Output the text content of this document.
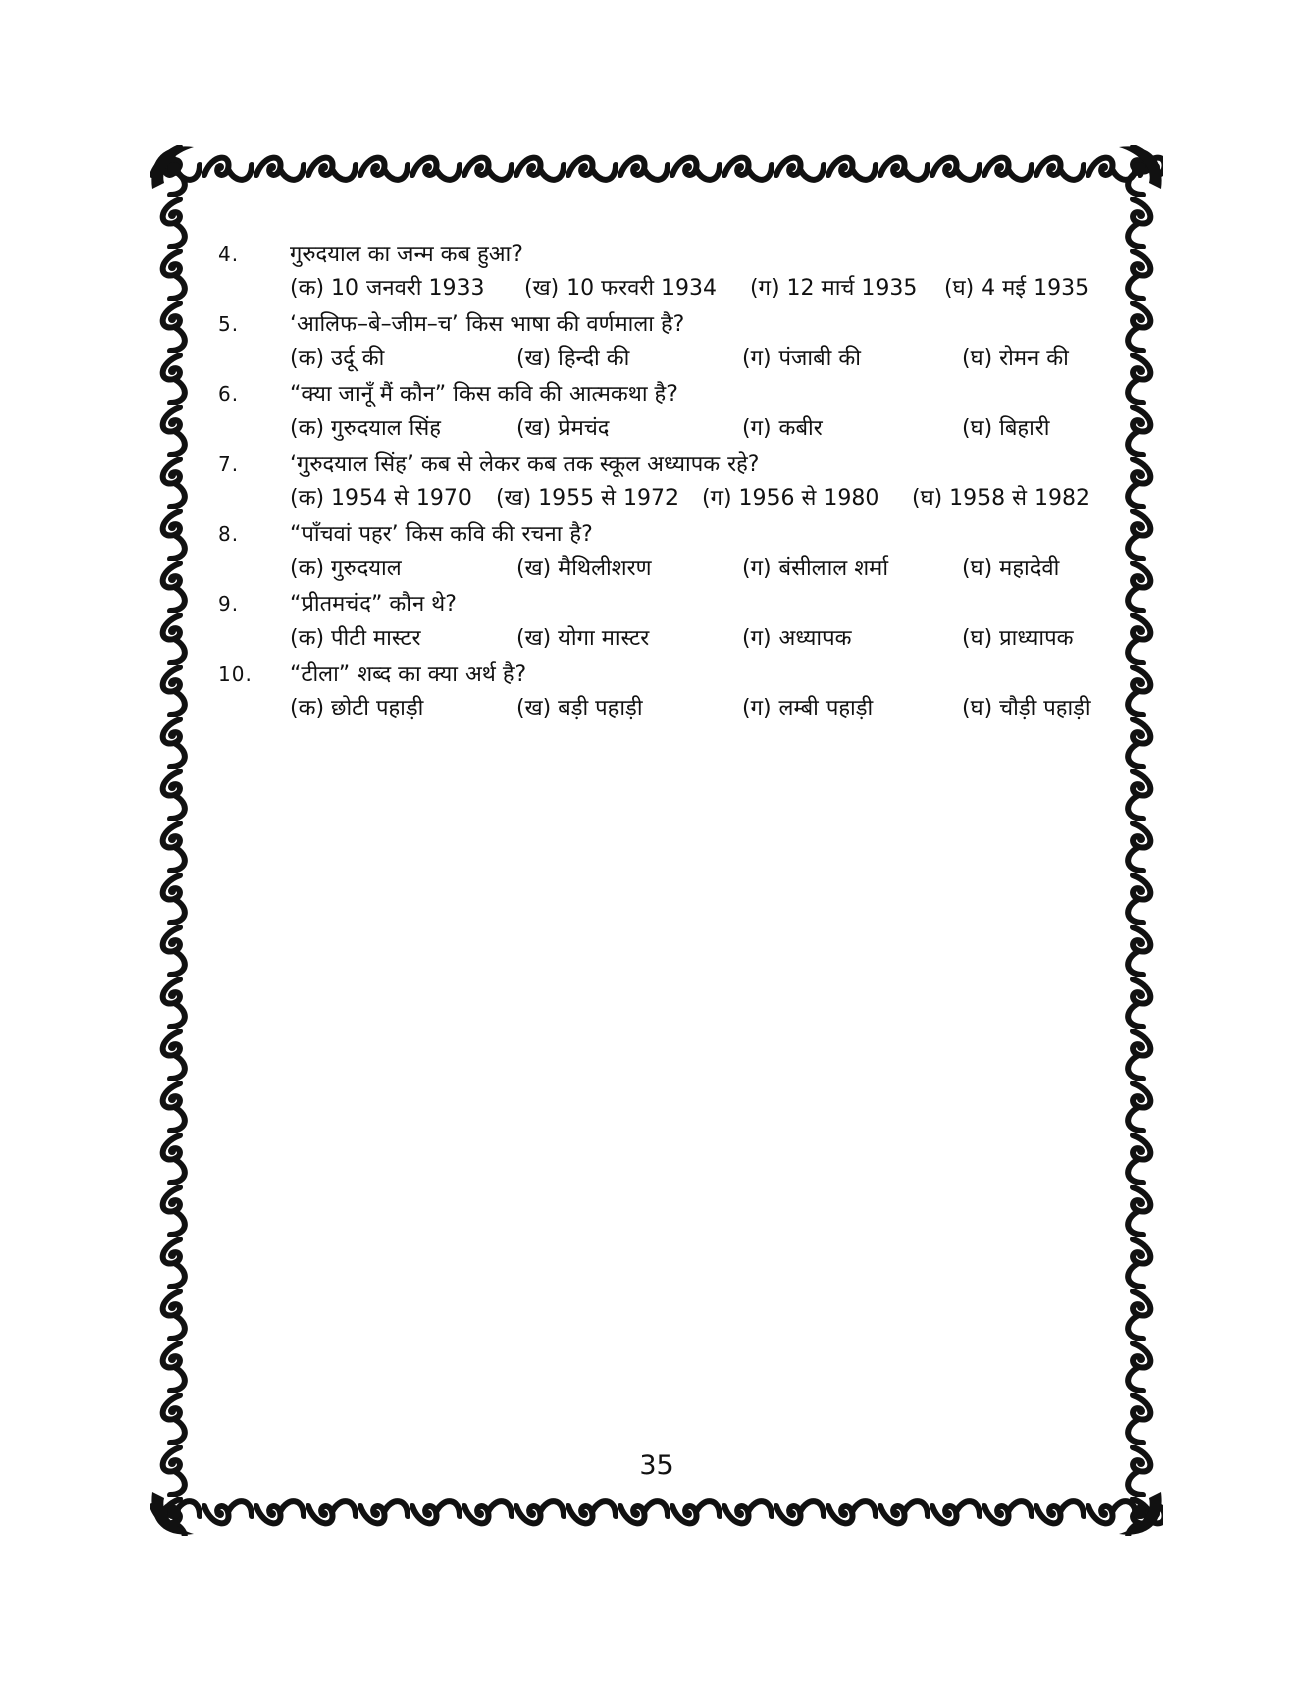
4.	गुरुदयाल का जन्म कब हुआ?
(क) 10 जनवरी 1933	(ख) 10 फरवरी 1934	(ग) 12 मार्च 1935	(घ) 4 मई 1935
5.	‘आलिफ–बे–जीम–च’ किस भाषा की वर्णमाला है?
(क) उर्दू की	(ख) हिन्दी की	(ग) पंजाबी की	(घ) रोमन की
6.	“क्या जानूँ मैं कौन” किस कवि की आत्मकथा है?
(क) गुरुदयाल सिंह	(ख) प्रेमचंद	(ग) कबीर	(घ) बिहारी
7.	‘गुरुदयाल सिंह’ कब से लेकर कब तक स्कूल अध्यापक रहे?
(क) 1954 से 1970	(ख) 1955 से 1972	(ग) 1956 से 1980	(घ) 1958 से 1982
8.	“पाँचवां पहर’ किस कवि की रचना है?
(क) गुरुदयाल	(ख) मैथिलीशरण	(ग) बंसीलाल शर्मा	(घ) महादेवी
9.	“प्रीतमचंद” कौन थे?
(क) पीटी मास्टर	(ख) योगा मास्टर	(ग) अध्यापक	(घ) प्राध्यापक
10.	“टीला” शब्द का क्या अर्थ है?
(क) छोटी पहाड़ी	(ख) बड़ी पहाड़ी	(ग) लम्बी पहाड़ी	(घ) चौड़ी पहाड़ी
35
